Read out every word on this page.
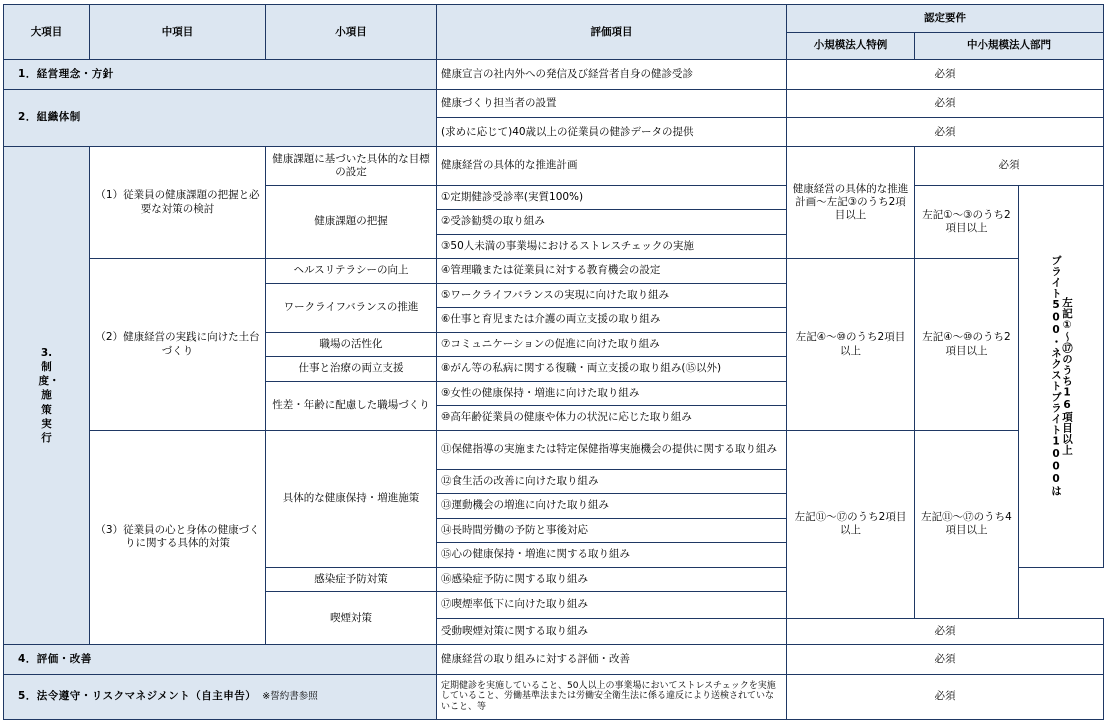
大項目	中項目	小項目	評価項目	認定要件		
				小規模法人特例	中小規模法人部門	
1．経営理念・方針			健康宣言の社内外への発信及び経営者自身の健診受診	必須		
2．組織体制			健康づくり担当者の設置	必須		
			(求めに応じて)40歳以上の従業員の健診データの提供	必須		
3.
制度・施策実行	（1）従業員の健康課題の把握と必要な対策の検討	健康課題に基づいた具体的な目標の設定	健康経営の具体的な推進計画	健康経営の具体的な推進計画～左記③のうち2項目以上	必須	
		健康課題の把握	①定期健診受診率(実質100%)		左記①～③のうち2項目以上	ブライト500・ネクストブライト1000は 左記①～⑰のうち16項目以上

			②受診勧奨の取り組み			
			③50人未満の事業場におけるストレスチェックの実施			
	（2）健康経営の実践に向けた土台づくり	ヘルスリテラシーの向上	④管理職または従業員に対する教育機会の設定	左記④～⑩のうち2項目以上	左記④～⑩のうち2項目以上	
		ワークライフバランスの推進	⑤ワークライフバランスの実現に向けた取り組み			
			⑥仕事と育児または介護の両立支援の取り組み			
		職場の活性化	⑦コミュニケーションの促進に向けた取り組み			
		仕事と治療の両立支援	⑧がん等の私病に関する復職・両立支援の取り組み(⑮以外)			
		性差・年齢に配慮した職場づくり	⑨女性の健康保持・増進に向けた取り組み			
			⑩高年齢従業員の健康や体力の状況に応じた取り組み			
	（3）従業員の心と身体の健康づくりに関する具体的対策	具体的な健康保持・増進施策	⑪保健指導の実施または特定保健指導実施機会の提供に関する取り組み	左記⑪～⑰のうち2項目以上	左記⑪～⑰のうち4項目以上	
			⑫食生活の改善に向けた取り組み			
			⑬運動機会の増進に向けた取り組み			
			⑭長時間労働の予防と事後対応			
			⑮心の健康保持・増進に関する取り組み			
		感染症予防対策	⑯感染症予防に関する取り組み			
		喫煙対策	⑰喫煙率低下に向けた取り組み			
			受動喫煙対策に関する取り組み	必須		
4．評価・改善			健康経営の取り組みに対する評価・改善	必須		
5．法令遵守・リスクマネジメント（自主申告） ※誓約書参照			定期健診を実施していること、50人以上の事業場においてストレスチェックを実施していること、労働基準法または労働安全衛生法に係る違反により送検されていないこと、等	必須		
